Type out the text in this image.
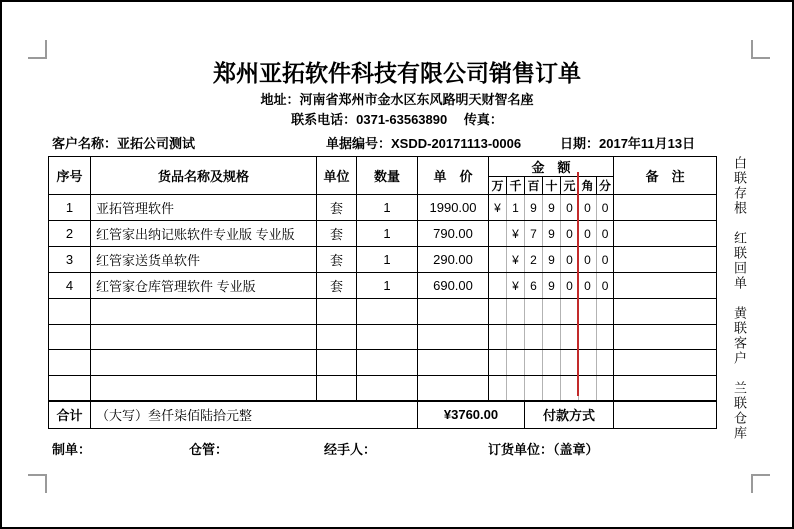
郑州亚拓软件科技有限公司销售订单
地址：河南省郑州市金水区东风路明天财智名座
联系电话：0371-63563890　 传真：
客户名称：亚拓公司测试	单据编号：XSDD-20171113-0006	日期：2017年11月13日
序号	货品名称及规格	单位	数量	单　价	金　额							备　注
					万	千	百	十	元	角	分	
1	亚拓管理软件	套	1	1990.00	¥	1	9	9	0	0	0	
2	红管家出纳记账软件专业版 专业版	套	1	790.00		¥	7	9	0	0	0	
3	红管家送货单软件	套	1	290.00		¥	2	9	0	0	0	
4	红管家仓库管理软件 专业版	套	1	690.00		¥	6	9	0	0	0	

合计	（大写）叁仟柒佰陆拾元整			¥3760.00			付款方式					
白联存根
红联回单
黄联客户
兰联仓库
制单：	仓管：	经手人：	订货单位：（盖章）
